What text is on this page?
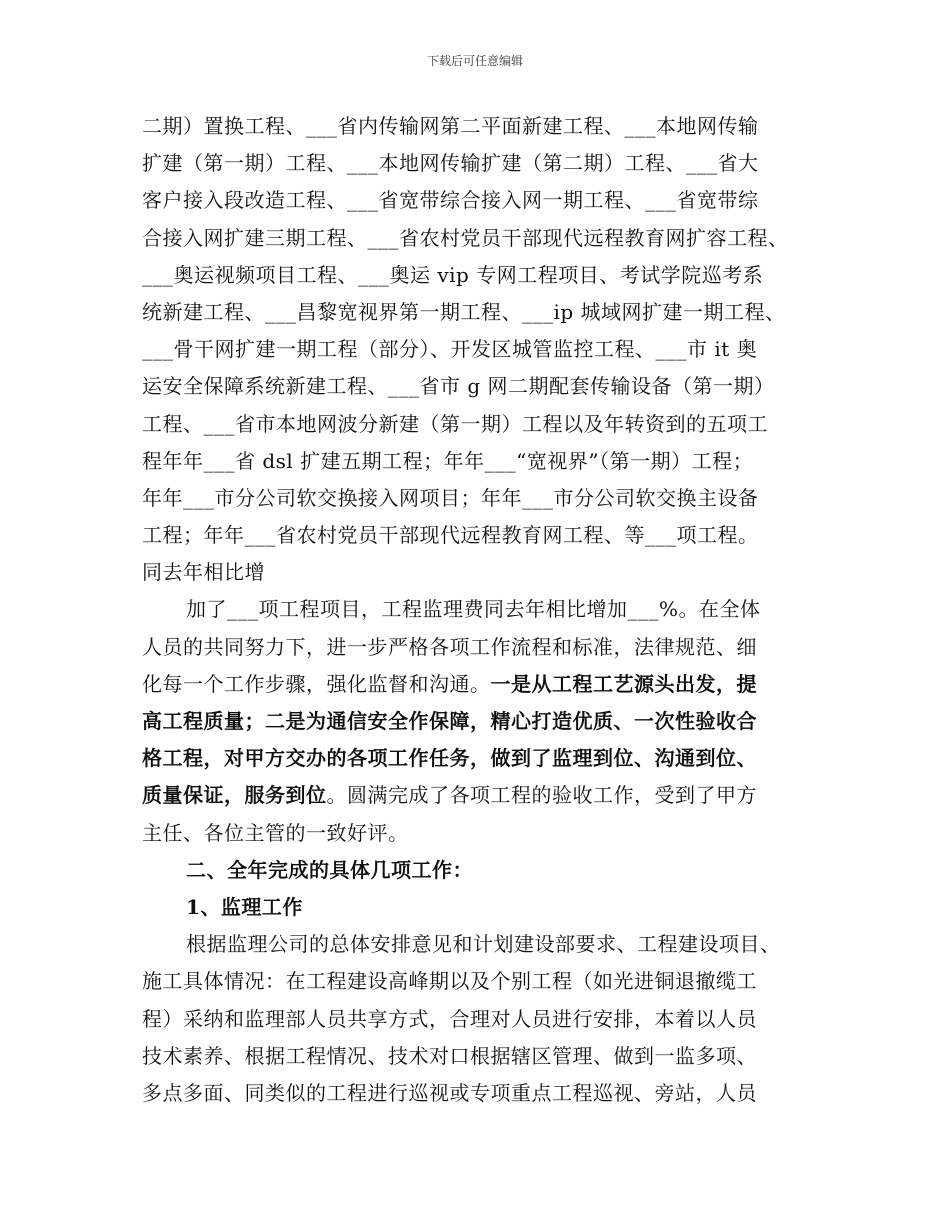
下载后可任意编辑
二期）置换工程、___省内传输网第二平面新建工程、___本地网传输
扩建（第一期）工程、___本地网传输扩建（第二期）工程、___省大
客户接入段改造工程、___省宽带综合接入网一期工程、___省宽带综
合接入网扩建三期工程、___省农村党员干部现代远程教育网扩容工程、
___奥运视频项目工程、___奥运 vip 专网工程项目、考试学院巡考系
统新建工程、___昌黎宽视界第一期工程、___ip 城域网扩建一期工程、
___骨干网扩建一期工程（部分）、开发区城管监控工程、___市 it 奥
运安全保障系统新建工程、___省市 g 网二期配套传输设备（第一期）
工程、___省市本地网波分新建（第一期）工程以及年转资到的五项工
程年年___省 dsl 扩建五期工程；年年___“宽视界”（第一期）工程；
年年___市分公司软交换接入网项目；年年___市分公司软交换主设备
工程；年年___省农村党员干部现代远程教育网工程、等___项工程。
同去年相比增
加了___项工程项目，工程监理费同去年相比增加___%。在全体
人员的共同努力下，进一步严格各项工作流程和标准，法律规范、细
化每一个工作步骤，强化监督和沟通。一是从工程工艺源头出发，提
高工程质量；二是为通信安全作保障，精心打造优质、一次性验收合
格工程，对甲方交办的各项工作任务，做到了监理到位、沟通到位、
质量保证，服务到位。圆满完成了各项工程的验收工作，受到了甲方
主任、各位主管的一致好评。
二、全年完成的具体几项工作：
1、监理工作
根据监理公司的总体安排意见和计划建设部要求、工程建设项目、
施工具体情况：在工程建设高峰期以及个别工程（如光进铜退撤缆工
程）采纳和监理部人员共享方式，合理对人员进行安排，本着以人员
技术素养、根据工程情况、技术对口根据辖区管理、做到一监多项、
多点多面、同类似的工程进行巡视或专项重点工程巡视、旁站，人员
